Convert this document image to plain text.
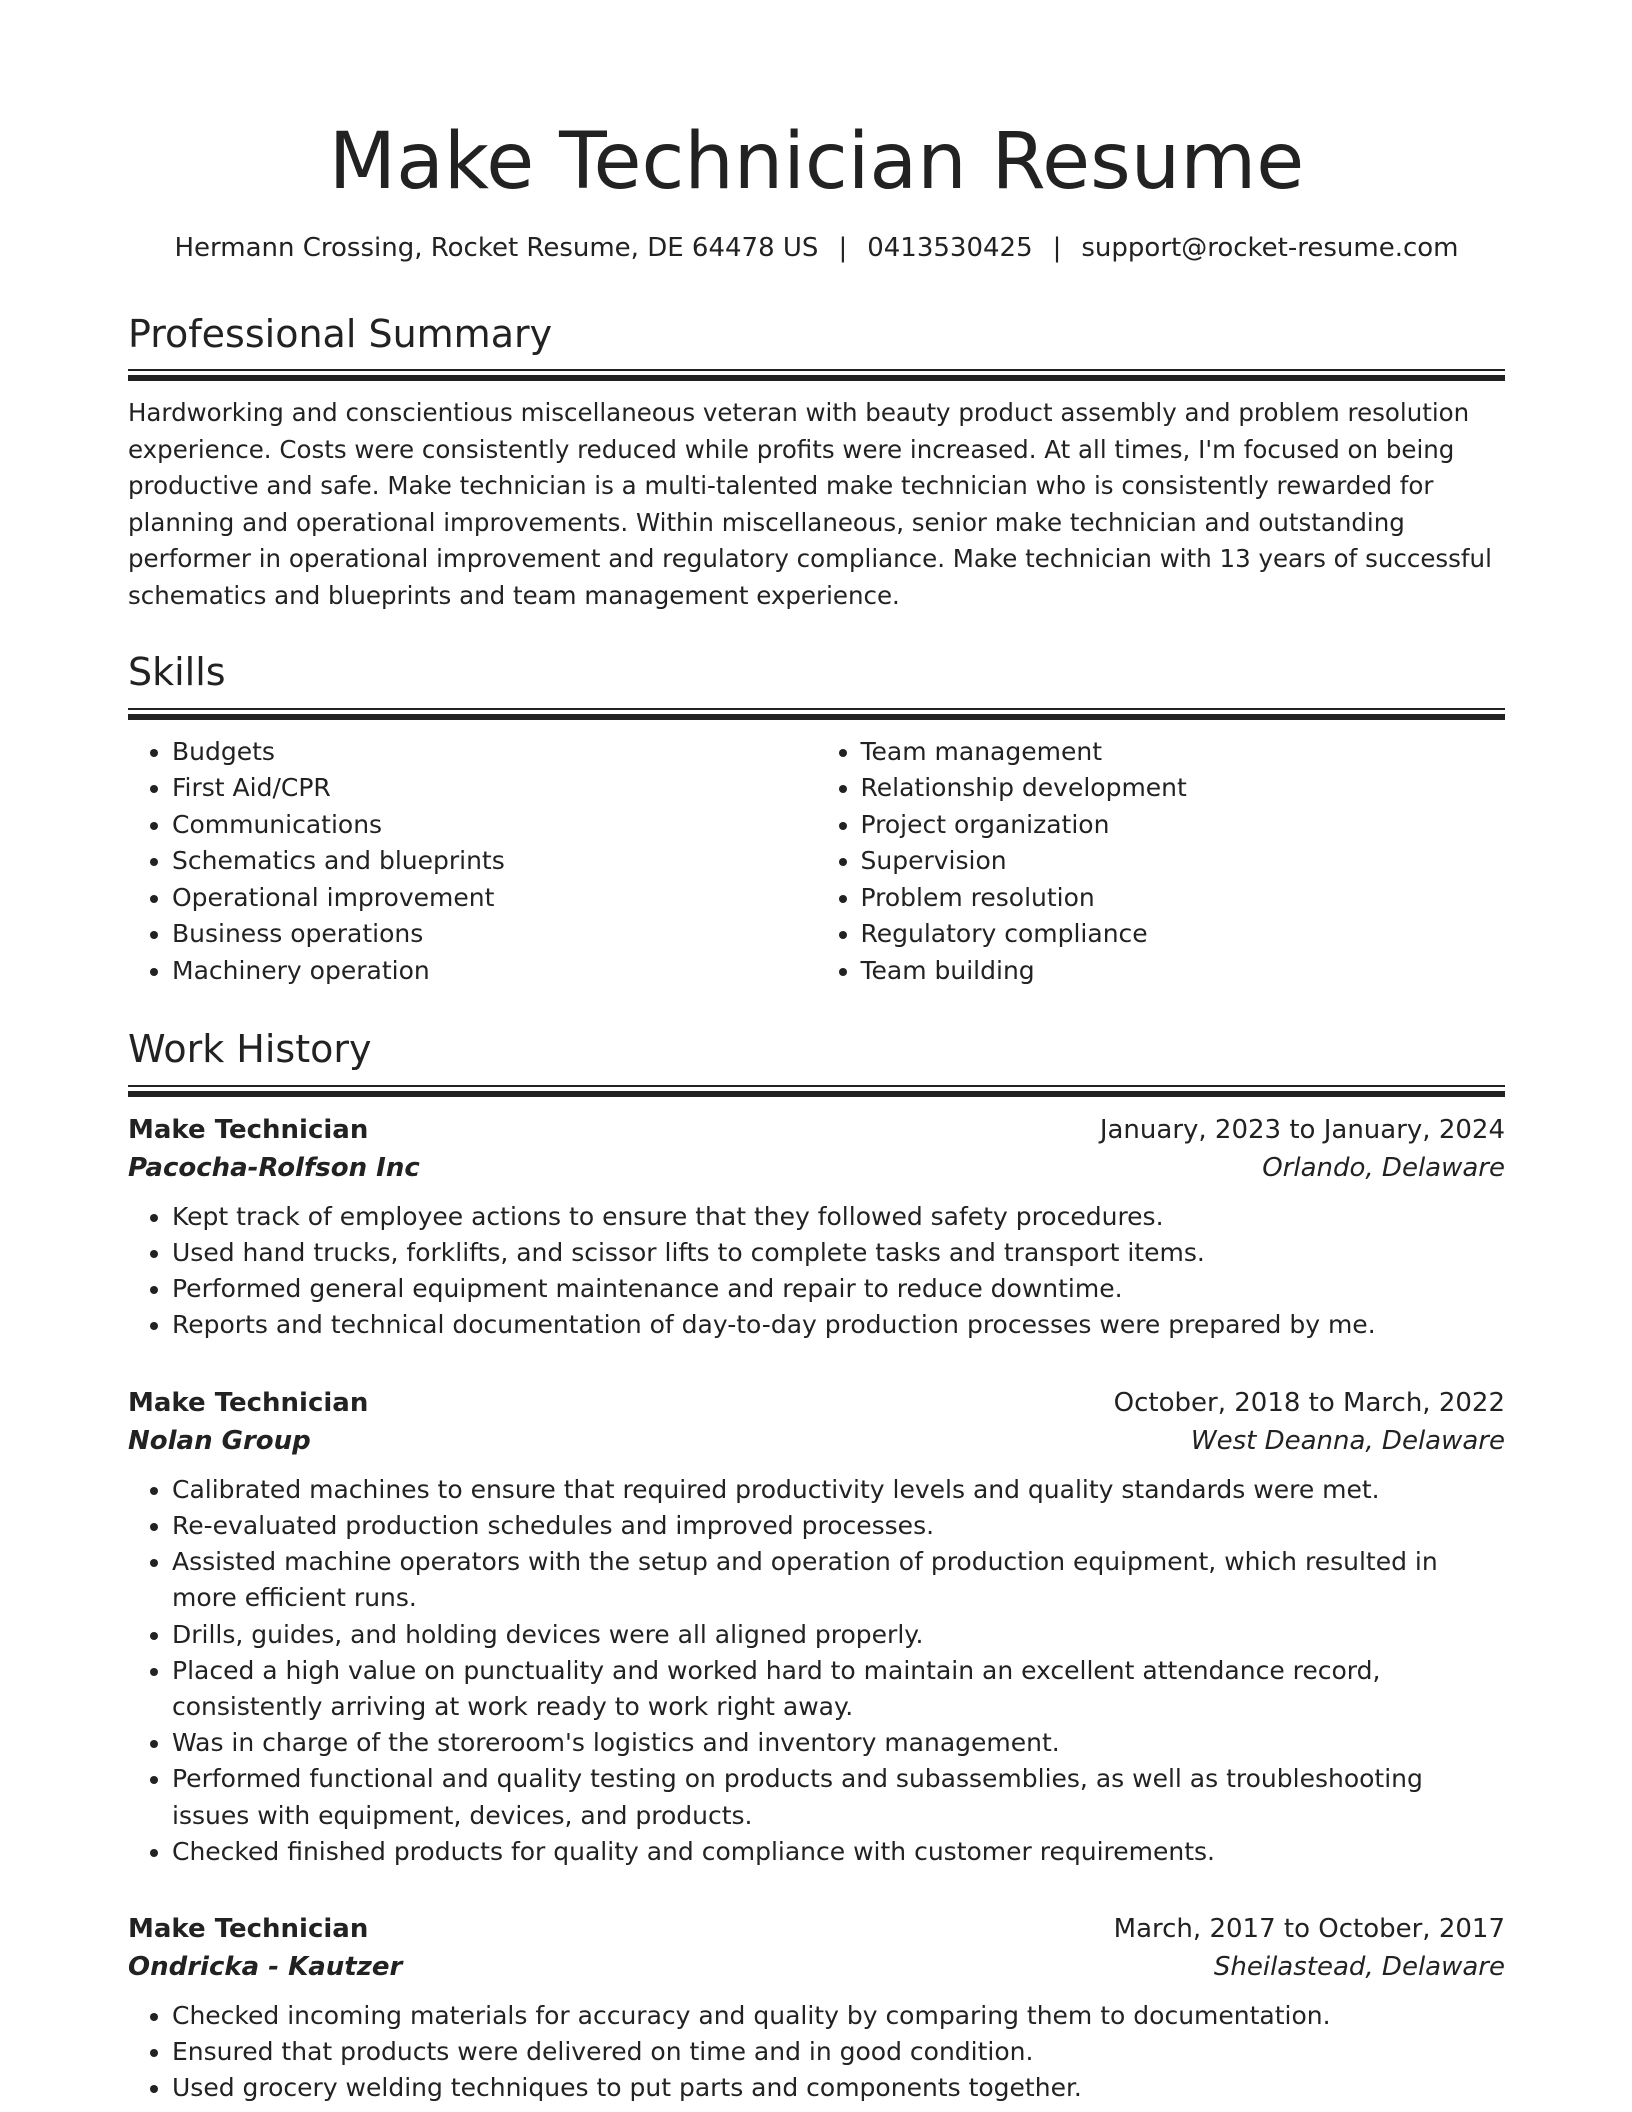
Make Technician Resume
Hermann Crossing, Rocket Resume, DE 64478 US | 0413530425 | support@rocket-resume.com
Professional Summary

Hardworking and conscientious miscellaneous veteran with beauty product assembly and problem resolution experience. Costs were consistently reduced while profits were increased. At all times, I'm focused on being productive and safe. Make technician is a multi-talented make technician who is consistently rewarded for planning and operational improvements. Within miscellaneous, senior make technician and outstanding performer in operational improvement and regulatory compliance. Make technician with 13 years of successful schematics and blueprints and team management experience.

Skills
• Budgets
• First Aid/CPR
• Communications
• Schematics and blueprints
• Operational improvement
• Business operations
• Machinery operation
• Team management
• Relationship development
• Project organization
• Supervision
• Problem resolution
• Regulatory compliance
• Team building
Work History
Make Technician	January, 2023 to January, 2024
Pacocha-Rolfson Inc	Orlando, Delaware
• Kept track of employee actions to ensure that they followed safety procedures.
• Used hand trucks, forklifts, and scissor lifts to complete tasks and transport items.
• Performed general equipment maintenance and repair to reduce downtime.
• Reports and technical documentation of day-to-day production processes were prepared by me.
Make Technician	October, 2018 to March, 2022
Nolan Group	West Deanna, Delaware
• Calibrated machines to ensure that required productivity levels and quality standards were met.
• Re-evaluated production schedules and improved processes.
• Assisted machine operators with the setup and operation of production equipment, which resulted in more efficient runs.
• Drills, guides, and holding devices were all aligned properly.
• Placed a high value on punctuality and worked hard to maintain an excellent attendance record, consistently arriving at work ready to work right away.
• Was in charge of the storeroom's logistics and inventory management.
• Performed functional and quality testing on products and subassemblies, as well as troubleshooting issues with equipment, devices, and products.
• Checked finished products for quality and compliance with customer requirements.
Make Technician	March, 2017 to October, 2017
Ondricka - Kautzer	Sheilastead, Delaware
• Checked incoming materials for accuracy and quality by comparing them to documentation.
• Ensured that products were delivered on time and in good condition.
• Used grocery welding techniques to put parts and components together.
